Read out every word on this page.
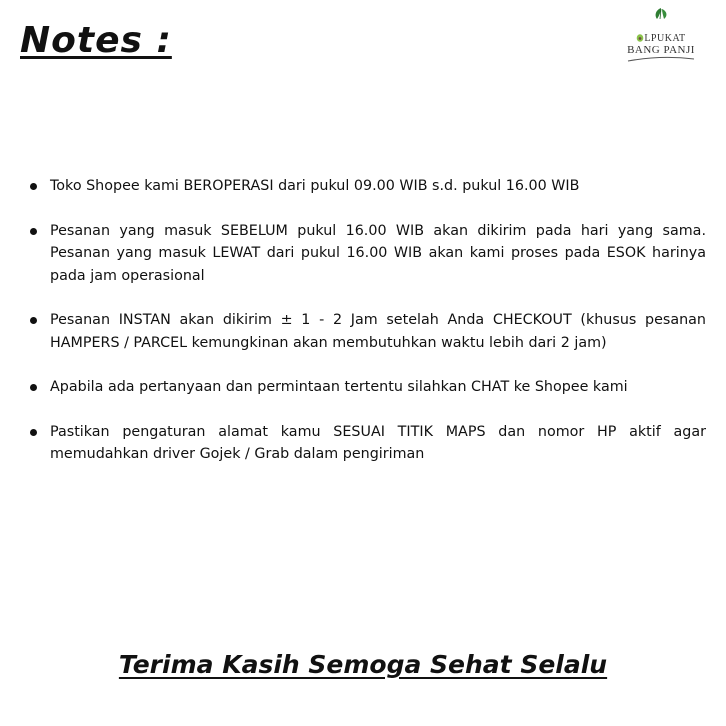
Notes :	LPUKAT
BANG PANJI
Toko Shopee kami BEROPERASI dari pukul 09.00 WIB s.d. pukul 16.00 WIB
Pesanan yang masuk SEBELUM pukul 16.00 WIB akan dikirim pada hari yang sama. Pesanan yang masuk LEWAT dari pukul 16.00 WIB akan kami proses pada ESOK harinya pada jam operasional
Pesanan INSTAN akan dikirim ± 1 - 2 Jam setelah Anda CHECKOUT (khusus pesanan HAMPERS / PARCEL kemungkinan akan membutuhkan waktu lebih dari 2 jam)
Apabila ada pertanyaan dan permintaan tertentu silahkan CHAT ke Shopee kami
Pastikan pengaturan alamat kamu SESUAI TITIK MAPS dan nomor HP aktif agar memudahkan driver Gojek / Grab dalam pengiriman
Terima Kasih Semoga Sehat Selalu
